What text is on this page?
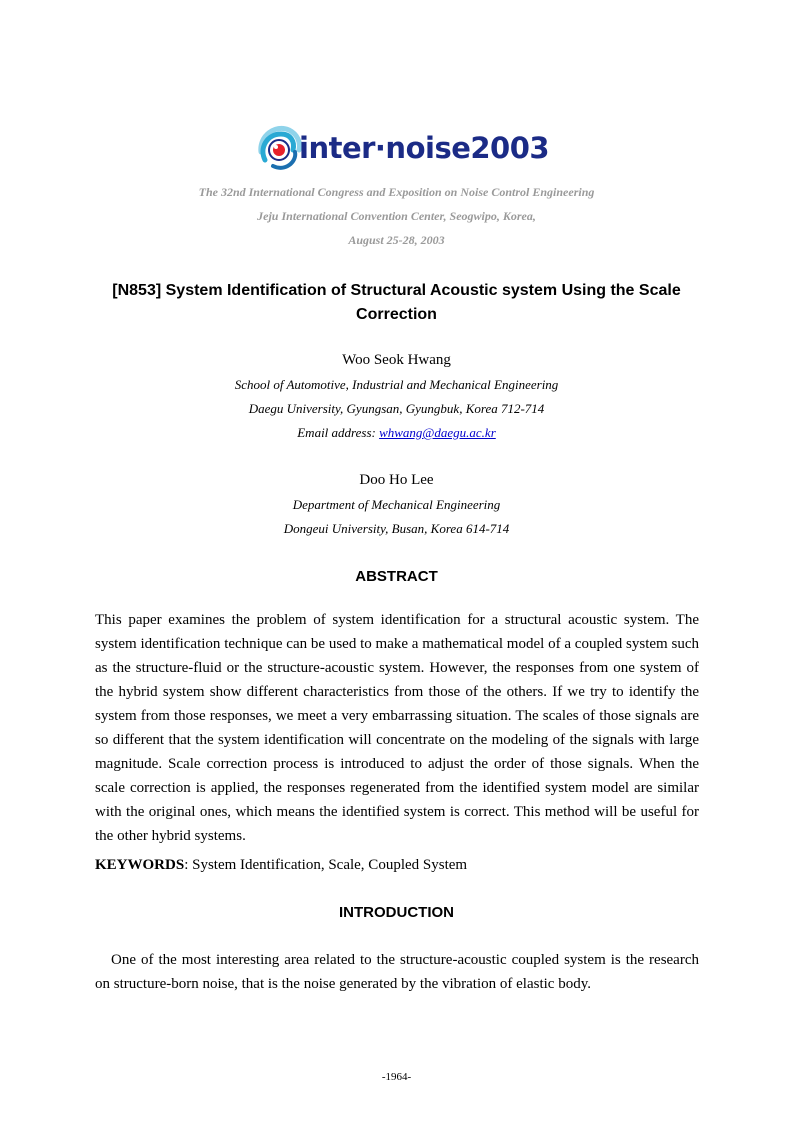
inter·noise2003
The 32nd International Congress and Exposition on Noise Control Engineering
Jeju International Convention Center, Seogwipo, Korea,
August 25-28, 2003
[N853] System Identification of Structural Acoustic system Using the Scale Correction
Woo Seok Hwang
School of Automotive, Industrial and Mechanical Engineering
Daegu University, Gyungsan, Gyungbuk, Korea 712-714
Email address: whwang@daegu.ac.kr
Doo Ho Lee
Department of Mechanical Engineering
Dongeui University, Busan, Korea 614-714
ABSTRACT

This paper examines the problem of system identification for a structural acoustic system. The system identification technique can be used to make a mathematical model of a coupled system such as the structure-fluid or the structure-acoustic system. However, the responses from one system of the hybrid system show different characteristics from those of the others. If we try to identify the system from those responses, we meet a very embarrassing situation. The scales of those signals are so different that the system identification will concentrate on the modeling of the signals with large magnitude. Scale correction process is introduced to adjust the order of those signals. When the scale correction is applied, the responses regenerated from the identified system model are similar with the original ones, which means the identified system is correct. This method will be useful for the other hybrid systems.

KEYWORDS: System Identification, Scale, Coupled System

INTRODUCTION

One of the most interesting area related to the structure-acoustic coupled system is the research on structure-born noise, that is the noise generated by the vibration of elastic body.

-1964-
